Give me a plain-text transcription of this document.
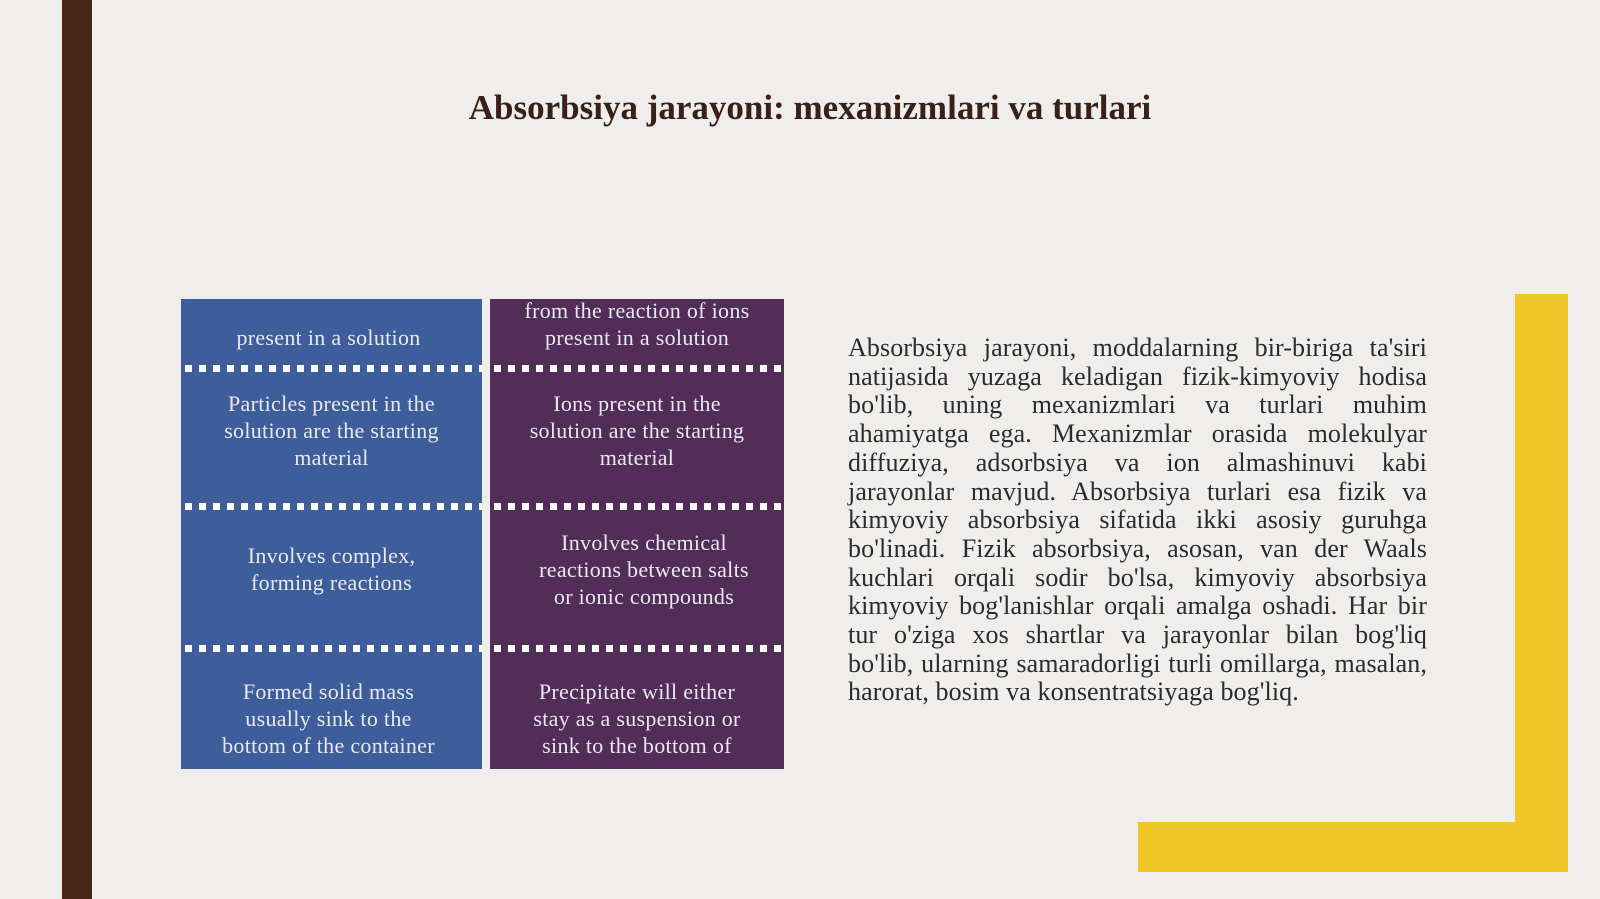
Absorbsiya jarayoni: mexanizmlari va turlari
present in a solution
Particles present in the
solution are the starting
material
Involves complex,
forming reactions
Formed solid mass
usually sink to the
bottom of the container
from the reaction of ions
present in a solution
Ions present in the
solution are the starting
material
Involves chemical
reactions between salts
or ionic compounds
Precipitate will either
stay as a suspension or
sink to the bottom of
Absorbsiya jarayoni, moddalarning bir-biriga ta'siri natijasida yuzaga keladigan fizik-kimyoviy hodisa bo'lib, uning mexanizmlari va turlari muhim ahamiyatga ega. Mexanizmlar orasida molekulyar diffuziya, adsorbsiya va ion almashinuvi kabi jarayonlar mavjud. Absorbsiya turlari esa fizik va kimyoviy absorbsiya sifatida ikki asosiy guruhga bo'linadi. Fizik absorbsiya, asosan, van der Waals kuchlari orqali sodir bo'lsa, kimyoviy absorbsiya kimyoviy bog'lanishlar orqali amalga oshadi. Har bir tur o'ziga xos shartlar va jarayonlar bilan bog'liq bo'lib, ularning samaradorligi turli omillarga, masalan, harorat, bosim va konsentratsiyaga bog'liq.
